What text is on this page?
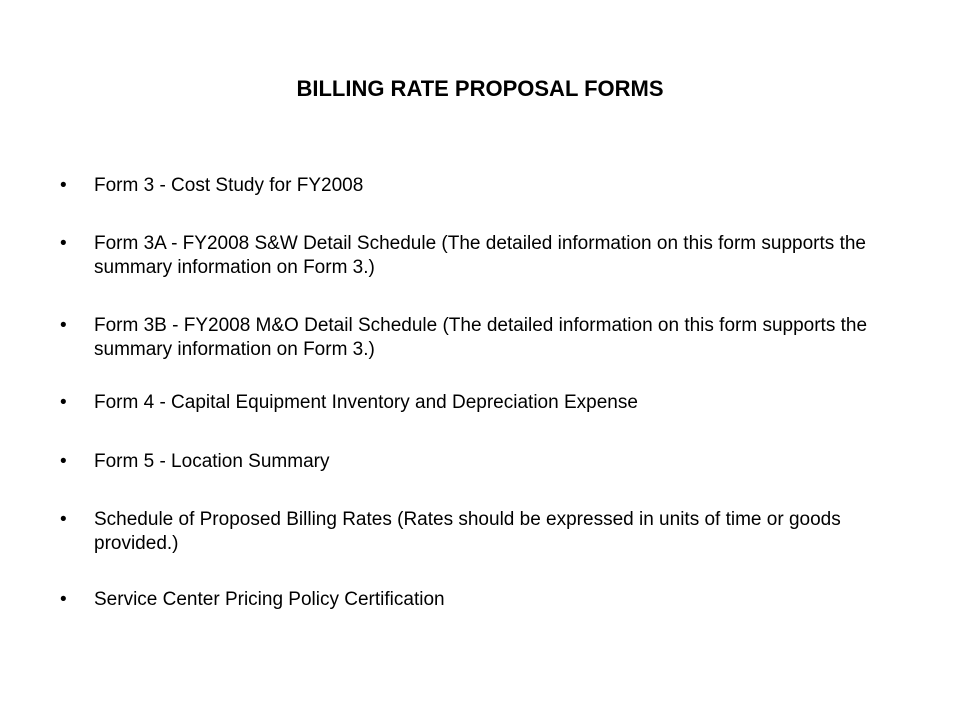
BILLING RATE PROPOSAL FORMS
•	Form 3 - Cost Study for FY2008
•	Form 3A - FY2008 S&W Detail Schedule (The detailed information on this form supports the summary information on Form 3.)
•	Form 3B - FY2008 M&O Detail Schedule (The detailed information on this form supports the summary information on Form 3.)
•	Form 4 - Capital Equipment Inventory and Depreciation Expense
•	Form 5 - Location Summary
•	Schedule of Proposed Billing Rates (Rates should be expressed in units of time or goods provided.)
•	Service Center Pricing Policy Certification
